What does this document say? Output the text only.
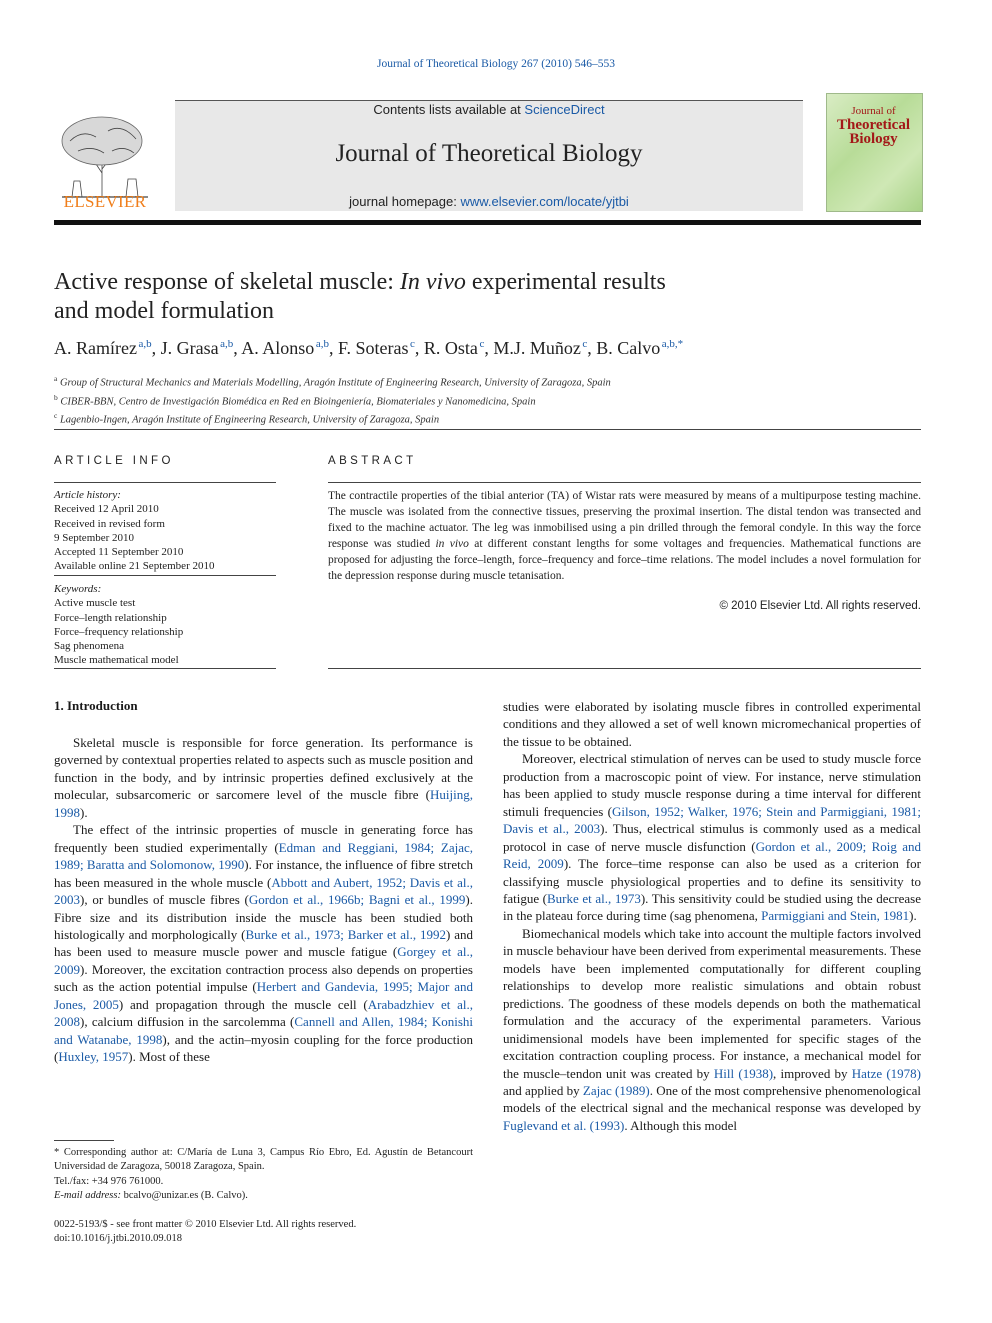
Journal of Theoretical Biology 267 (2010) 546–553
ELSEVIER
Contents lists available at ScienceDirect
Journal of Theoretical Biology
journal homepage: www.elsevier.com/locate/yjtbi
Journal of
Theoretical
Biology
Active response of skeletal muscle: In vivo experimental results
and model formulation
A. Ramírez  $^{a,b}$, J. Grasa  $^{a,b}$, A. Alonso  $^{a,b}$, F. Soteras  $^c$, R. Osta  $^c$, M.J. Muñoz  $^c$, B. Calvo  $^{a,b,*}$
$^a$ Group of Structural Mechanics and Materials Modelling, Aragón Institute of Engineering Research, University of Zaragoza, Spain
$^b$ CIBER-BBN, Centro de Investigación Biomédica en Red en Bioingeniería, Biomateriales y Nanomedicina, Spain
$^c$ Lagenbio-Ingen, Aragón Institute of Engineering Research, University of Zaragoza, Spain
ARTICLE INFO
Article history:
Received 12 April 2010
Received in revised form
9 September 2010
Accepted 11 September 2010
Available online 21 September 2010
Keywords:
Active muscle test
Force–length relationship
Force–frequency relationship
Sag phenomena
Muscle mathematical model
ABSTRACT
The contractile properties of the tibial anterior (TA) of Wistar rats were measured by means of a multipurpose testing machine. The muscle was isolated from the connective tissues, preserving the proximal insertion. The distal tendon was transected and fixed to the machine actuator. The leg was inmobilised using a pin drilled through the femoral condyle. In this way the force response was studied in vivo at different constant lengths for some voltages and frequencies. Mathematical functions are proposed for adjusting the force–length, force–frequency and force–time relations. The model includes a novel formulation for the depression response during muscle tetanisation.
© 2010 Elsevier Ltd. All rights reserved.
1. Introduction

Skeletal muscle is responsible for force generation. Its performance is governed by contextual properties related to aspects such as muscle position and function in the body, and by intrinsic properties defined exclusively at the molecular, subsarcomeric or sarcomere level of the muscle fibre (Huijing, 1998).

The effect of the intrinsic properties of muscle in generating force has frequently been studied experimentally (Edman and Reggiani, 1984; Zajac, 1989; Baratta and Solomonow, 1990). For instance, the influence of fibre stretch has been measured in the whole muscle (Abbott and Aubert, 1952; Davis et al., 2003), or bundles of muscle fibres (Gordon et al., 1966b; Bagni et al., 1999). Fibre size and its distribution inside the muscle has been studied both histologically and morphologically (Burke et al., 1973; Barker et al., 1992) and has been used to measure muscle power and muscle fatigue (Gorgey et al., 2009). Moreover, the excitation contraction process also depends on properties such as the action potential impulse (Herbert and Gandevia, 1995; Major and Jones, 2005) and propagation through the muscle cell (Arabadzhiev et al., 2008), calcium diffusion in the sarcolemma (Cannell and Allen, 1984; Konishi and Watanabe, 1998), and the actin–myosin coupling for the force production (Huxley, 1957). Most of these

studies were elaborated by isolating muscle fibres in controlled experimental conditions and they allowed a set of well known micromechanical properties of the tissue to be obtained.

Moreover, electrical stimulation of nerves can be used to study muscle force production from a macroscopic point of view. For instance, nerve stimulation has been applied to study muscle response during a time interval for different stimuli frequencies (Gilson, 1952; Walker, 1976; Stein and Parmiggiani, 1981; Davis et al., 2003). Thus, electrical stimulus is commonly used as a medical protocol in case of nerve muscle disfunction (Gordon et al., 2009; Roig and Reid, 2009). The force–time response can also be used as a criterion for classifying muscle physiological properties and to define its sensitivity to fatigue (Burke et al., 1973). This sensitivity could be studied using the decrease in the plateau force during time (sag phenomena, Parmiggiani and Stein, 1981).

Biomechanical models which take into account the multiple factors involved in muscle behaviour have been derived from experimental measurements. These models have been implemented computationally for different coupling relationships to develop more realistic simulations and obtain robust predictions. The goodness of these models depends on both the mathematical formulation and the accuracy of the experimental parameters. Various unidimensional models have been implemented for specific stages of the excitation contraction coupling process. For instance, a mechanical model for the muscle–tendon unit was created by Hill (1938), improved by Hatze (1978) and applied by Zajac (1989). One of the most comprehensive phenomenological models of the electrical signal and the mechanical response was developed by Fuglevand et al. (1993). Although this model

* Corresponding author at: C/María de Luna 3, Campus Río Ebro, Ed. Agustín de Betancourt Universidad de Zaragoza, 50018 Zaragoza, Spain.
Tel./fax: +34 976 761000.
E-mail address: bcalvo@unizar.es (B. Calvo).
0022-5193/$ - see front matter © 2010 Elsevier Ltd. All rights reserved.
doi:10.1016/j.jtbi.2010.09.018
